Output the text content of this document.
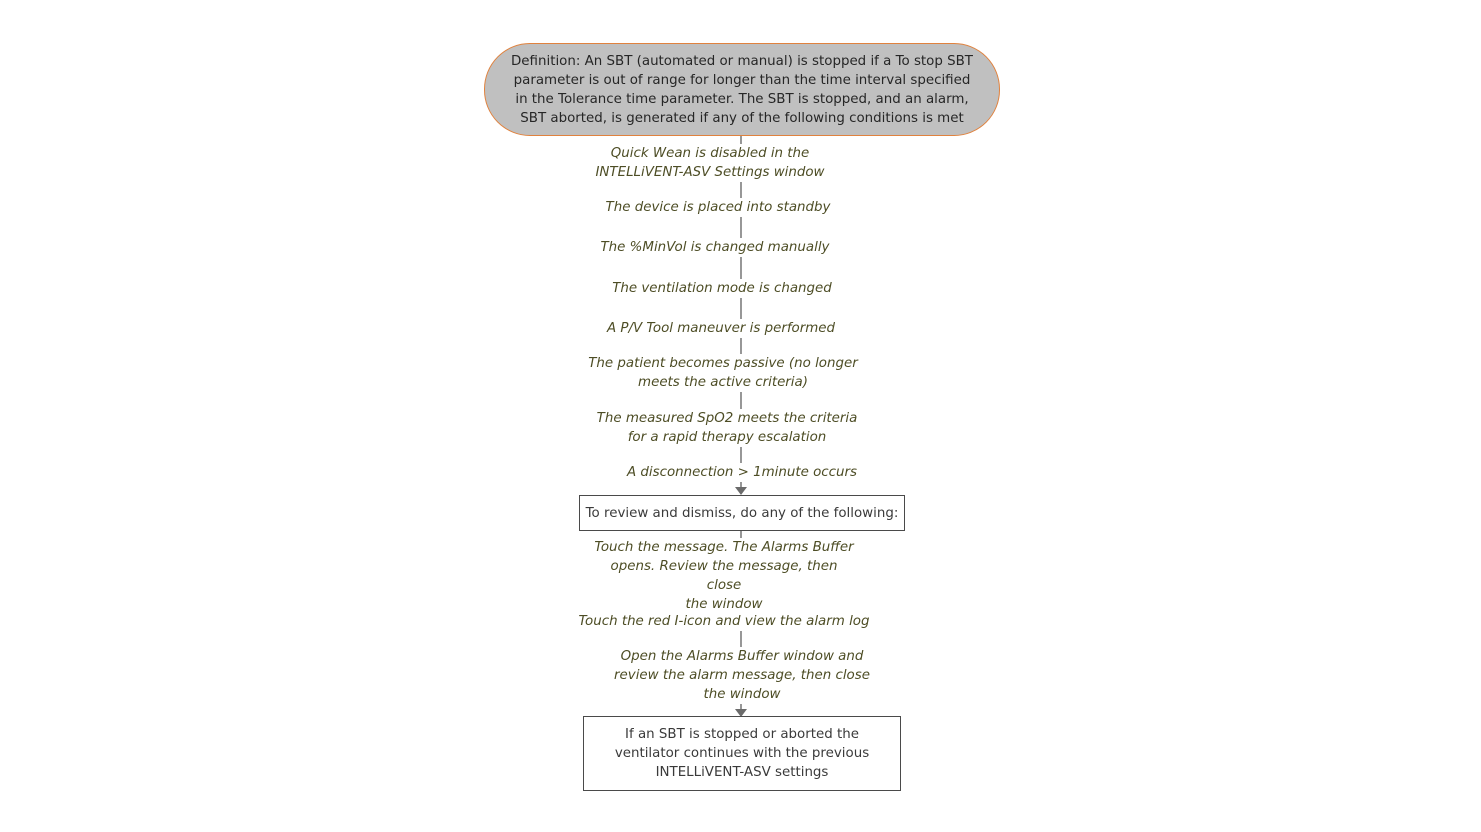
Definition: An SBT (automated or manual) is stopped if a To stop SBT parameter is out of range for longer than the time interval specified in the Tolerance time parameter. The SBT is stopped, and an alarm, SBT aborted, is generated if any of the following conditions is met
Quick Wean is disabled in the
INTELLiVENT-ASV Settings window
The device is placed into standby
The %MinVol is changed manually
The ventilation mode is changed
A P/V Tool maneuver is performed
The patient becomes passive (no longer
meets the active criteria)
The measured SpO2 meets the criteria
for a rapid therapy escalation
A disconnection > 1minute occurs
To review and dismiss, do any of the following:
Touch the message. The Alarms Buffer
opens. Review the message, then close
the window
Touch the red I-icon and view the alarm log
Open the Alarms Buffer window and
review the alarm message, then close
the window
If an SBT is stopped or aborted the ventilator continues with the previous INTELLiVENT-ASV settings
